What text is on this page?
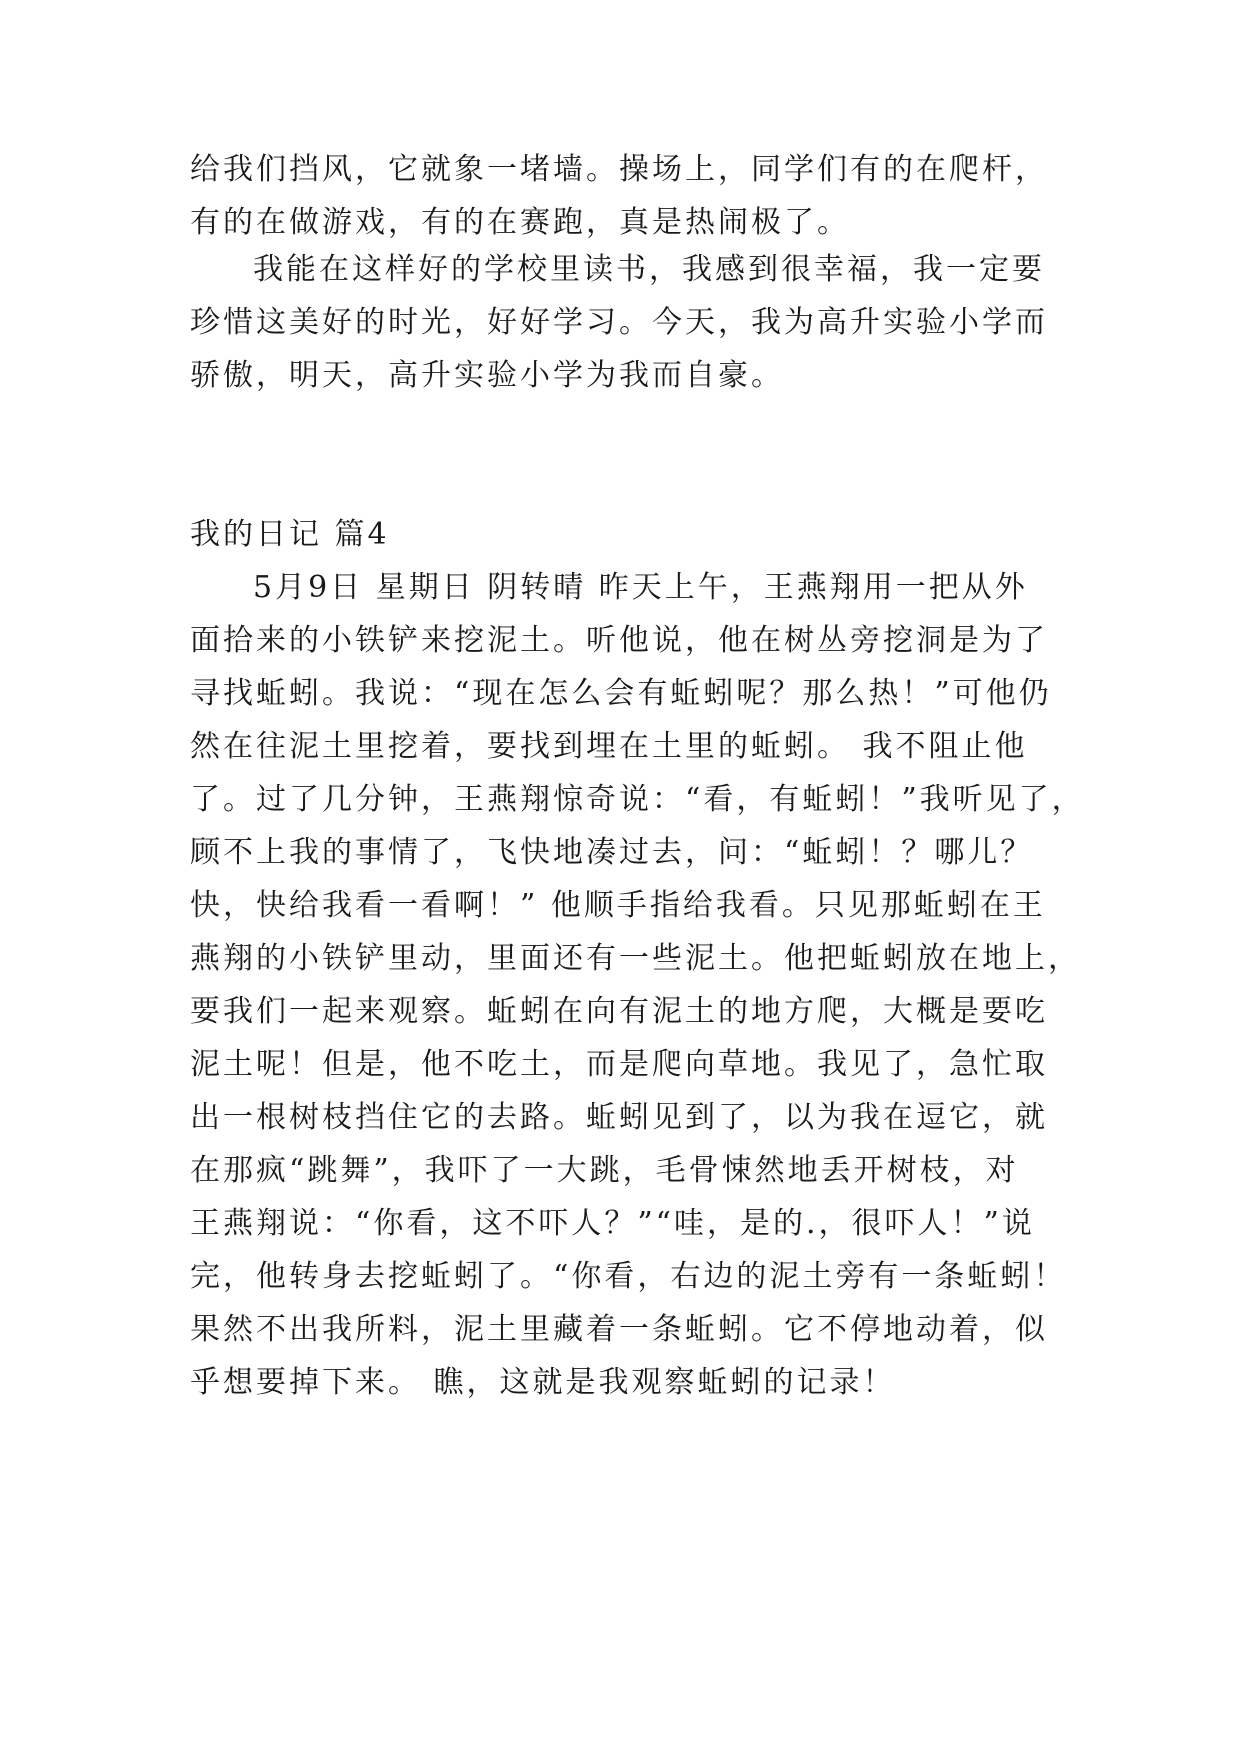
给我们挡风，它就象一堵墙。操场上，同学们有的在爬杆，
有的在做游戏，有的在赛跑，真是热闹极了。
我能在这样好的学校里读书，我感到很幸福，我一定要
珍惜这美好的时光，好好学习。今天，我为高升实验小学而
骄傲，明天，高升实验小学为我而自豪。
我的日记 篇4
5月9日 星期日 阴转晴 昨天上午，王燕翔用一把从外
面拾来的小铁铲来挖泥土。听他说，他在树丛旁挖洞是为了
寻找蚯蚓。我说：“现在怎么会有蚯蚓呢？那么热！”可他仍
然在往泥土里挖着，要找到埋在土里的蚯蚓。 我不阻止他
了。过了几分钟，王燕翔惊奇说：“看，有蚯蚓！”我听见了，
顾不上我的事情了，飞快地凑过去，问：“蚯蚓！？哪儿？
快，快给我看一看啊！” 他顺手指给我看。只见那蚯蚓在王
燕翔的小铁铲里动，里面还有一些泥土。他把蚯蚓放在地上，
要我们一起来观察。蚯蚓在向有泥土的地方爬，大概是要吃
泥土呢！但是，他不吃土，而是爬向草地。我见了，急忙取
出一根树枝挡住它的去路。蚯蚓见到了，以为我在逗它，就
在那疯“跳舞”，我吓了一大跳，毛骨悚然地丢开树枝，对
王燕翔说：“你看，这不吓人？”“哇，是的.，很吓人！”说
完，他转身去挖蚯蚓了。“你看，右边的泥土旁有一条蚯蚓！
果然不出我所料，泥土里藏着一条蚯蚓。它不停地动着，似
乎想要掉下来。 瞧，这就是我观察蚯蚓的记录！
